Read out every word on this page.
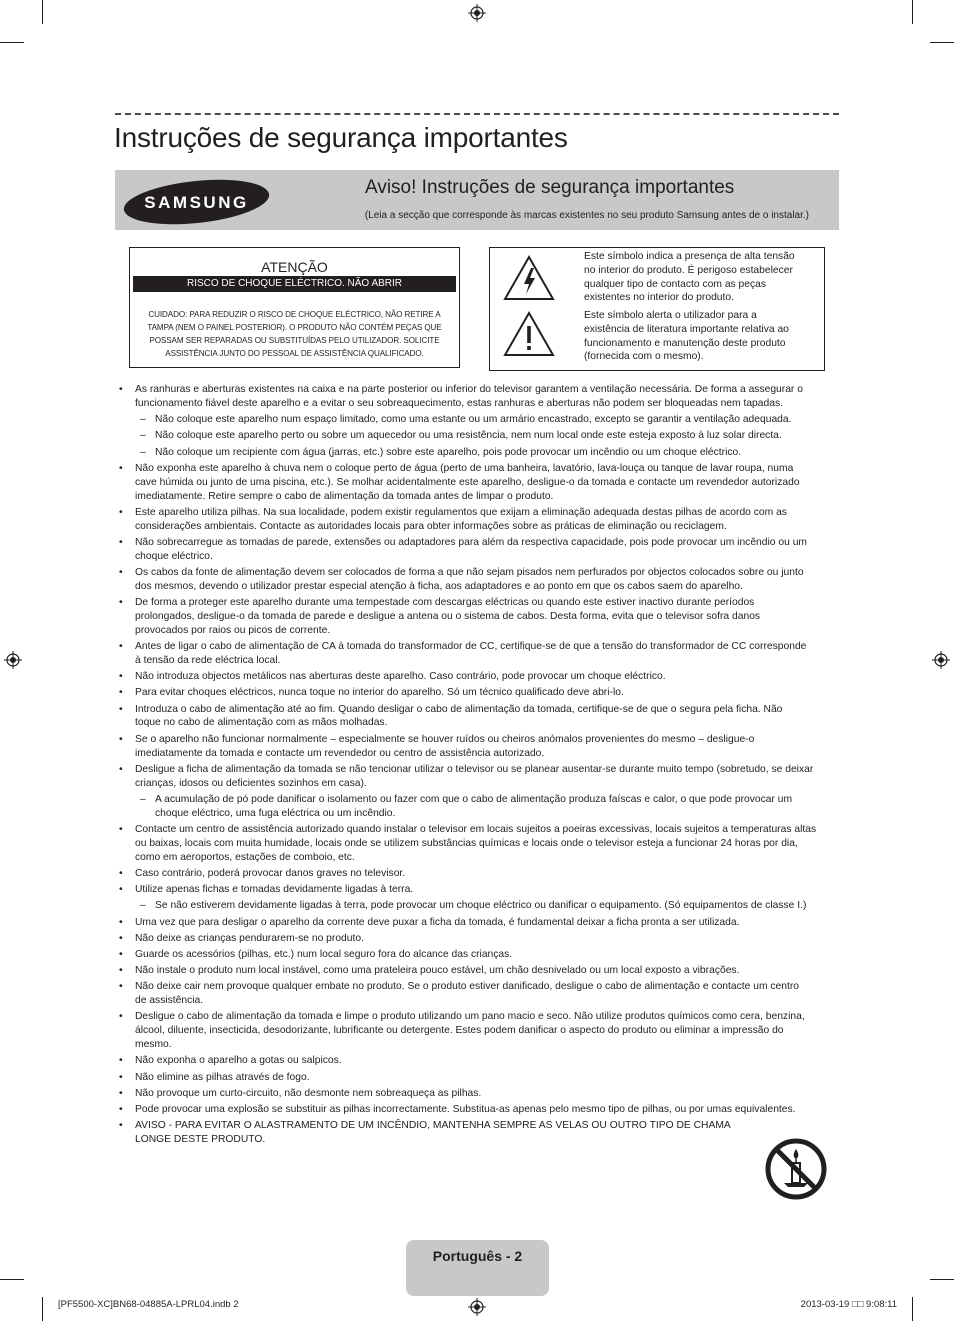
Instruções de segurança importantes
SAMSUNG
Aviso! Instruções de segurança importantes
(Leia a secção que corresponde às marcas existentes no seu produto Samsung antes de o instalar.)
ATENÇÃO
RISCO DE CHOQUE ELÉCTRICO. NÃO ABRIR
CUIDADO: PARA REDUZIR O RISCO DE CHOQUE ELÉCTRICO, NÃO RETIRE A
TAMPA (NEM O PAINEL POSTERIOR). O PRODUTO NÃO CONTÉM PEÇAS QUE
POSSAM SER REPARADAS OU SUBSTITUÍDAS PELO UTILIZADOR. SOLICITE
ASSISTÊNCIA JUNTO DO PESSOAL DE ASSISTÊNCIA QUALIFICADO.
Este símbolo indica a presença de alta tensão
no interior do produto. É perigoso estabelecer
qualquer tipo de contacto com as peças
existentes no interior do produto.
Este símbolo alerta o utilizador para a
existência de literatura importante relativa ao
funcionamento e manutenção deste produto
(fornecida com o mesmo).
• As ranhuras e aberturas existentes na caixa e na parte posterior ou inferior do televisor garantem a ventilação necessária. De forma a assegurar o
funcionamento fiável deste aparelho e a evitar o seu sobreaquecimento, estas ranhuras e aberturas não podem ser bloqueadas nem tapadas.
– Não coloque este aparelho num espaço limitado, como uma estante ou um armário encastrado, excepto se garantir a ventilação adequada.
– Não coloque este aparelho perto ou sobre um aquecedor ou uma resistência, nem num local onde este esteja exposto à luz solar directa.
– Não coloque um recipiente com água (jarras, etc.) sobre este aparelho, pois pode provocar um incêndio ou um choque eléctrico.
• Não exponha este aparelho à chuva nem o coloque perto de água (perto de uma banheira, lavatório, lava-louça ou tanque de lavar roupa, numa
cave húmida ou junto de uma piscina, etc.). Se molhar acidentalmente este aparelho, desligue-o da tomada e contacte um revendedor autorizado
imediatamente. Retire sempre o cabo de alimentação da tomada antes de limpar o produto.
• Este aparelho utiliza pilhas. Na sua localidade, podem existir regulamentos que exijam a eliminação adequada destas pilhas de acordo com as
considerações ambientais. Contacte as autoridades locais para obter informações sobre as práticas de eliminação ou reciclagem.
• Não sobrecarregue as tomadas de parede, extensões ou adaptadores para além da respectiva capacidade, pois pode provocar um incêndio ou um
choque eléctrico.
• Os cabos da fonte de alimentação devem ser colocados de forma a que não sejam pisados nem perfurados por objectos colocados sobre ou junto
dos mesmos, devendo o utilizador prestar especial atenção à ficha, aos adaptadores e ao ponto em que os cabos saem do aparelho.
• De forma a proteger este aparelho durante uma tempestade com descargas eléctricas ou quando este estiver inactivo durante períodos
prolongados, desligue-o da tomada de parede e desligue a antena ou o sistema de cabos. Desta forma, evita que o televisor sofra danos
provocados por raios ou picos de corrente.
• Antes de ligar o cabo de alimentação de CA à tomada do transformador de CC, certifique-se de que a tensão do transformador de CC corresponde
à tensão da rede eléctrica local.
• Não introduza objectos metálicos nas aberturas deste aparelho. Caso contrário, pode provocar um choque eléctrico.
• Para evitar choques eléctricos, nunca toque no interior do aparelho. Só um técnico qualificado deve abri-lo.
• Introduza o cabo de alimentação até ao fim. Quando desligar o cabo de alimentação da tomada, certifique-se de que o segura pela ficha. Não
toque no cabo de alimentação com as mãos molhadas.
• Se o aparelho não funcionar normalmente – especialmente se houver ruídos ou cheiros anómalos provenientes do mesmo – desligue-o
imediatamente da tomada e contacte um revendedor ou centro de assistência autorizado.
• Desligue a ficha de alimentação da tomada se não tencionar utilizar o televisor ou se planear ausentar-se durante muito tempo (sobretudo, se deixar
crianças, idosos ou deficientes sozinhos em casa).
– A acumulação de pó pode danificar o isolamento ou fazer com que o cabo de alimentação produza faíscas e calor, o que pode provocar um
choque eléctrico, uma fuga eléctrica ou um incêndio.
• Contacte um centro de assistência autorizado quando instalar o televisor em locais sujeitos a poeiras excessivas, locais sujeitos a temperaturas altas
ou baixas, locais com muita humidade, locais onde se utilizem substâncias químicas e locais onde o televisor esteja a funcionar 24 horas por dia,
como em aeroportos, estações de comboio, etc.
• Caso contrário, poderá provocar danos graves no televisor.
• Utilize apenas fichas e tomadas devidamente ligadas à terra.
– Se não estiverem devidamente ligadas à terra, pode provocar um choque eléctrico ou danificar o equipamento. (Só equipamentos de classe I.)
• Uma vez que para desligar o aparelho da corrente deve puxar a ficha da tomada, é fundamental deixar a ficha pronta a ser utilizada.
• Não deixe as crianças pendurarem-se no produto.
• Guarde os acessórios (pilhas, etc.) num local seguro fora do alcance das crianças.
• Não instale o produto num local instável, como uma prateleira pouco estável, um chão desnivelado ou um local exposto a vibrações.
• Não deixe cair nem provoque qualquer embate no produto. Se o produto estiver danificado, desligue o cabo de alimentação e contacte um centro
de assistência.
• Desligue o cabo de alimentação da tomada e limpe o produto utilizando um pano macio e seco. Não utilize produtos químicos como cera, benzina,
álcool, diluente, insecticida, desodorizante, lubrificante ou detergente. Estes podem danificar o aspecto do produto ou eliminar a impressão do
mesmo.
• Não exponha o aparelho a gotas ou salpicos.
• Não elimine as pilhas através de fogo.
• Não provoque um curto-circuito, não desmonte nem sobreaqueça as pilhas.
• Pode provocar uma explosão se substituir as pilhas incorrectamente. Substitua-as apenas pelo mesmo tipo de pilhas, ou por umas equivalentes.
• AVISO - PARA EVITAR O ALASTRAMENTO DE UM INCÊNDIO, MANTENHA SEMPRE AS VELAS OU OUTRO TIPO DE CHAMA
LONGE DESTE PRODUTO.
Português - 2
[PF5500-XC]BN68-04885A-LPRL04.indb 2	2013-03-19 □□ 9:08:11
